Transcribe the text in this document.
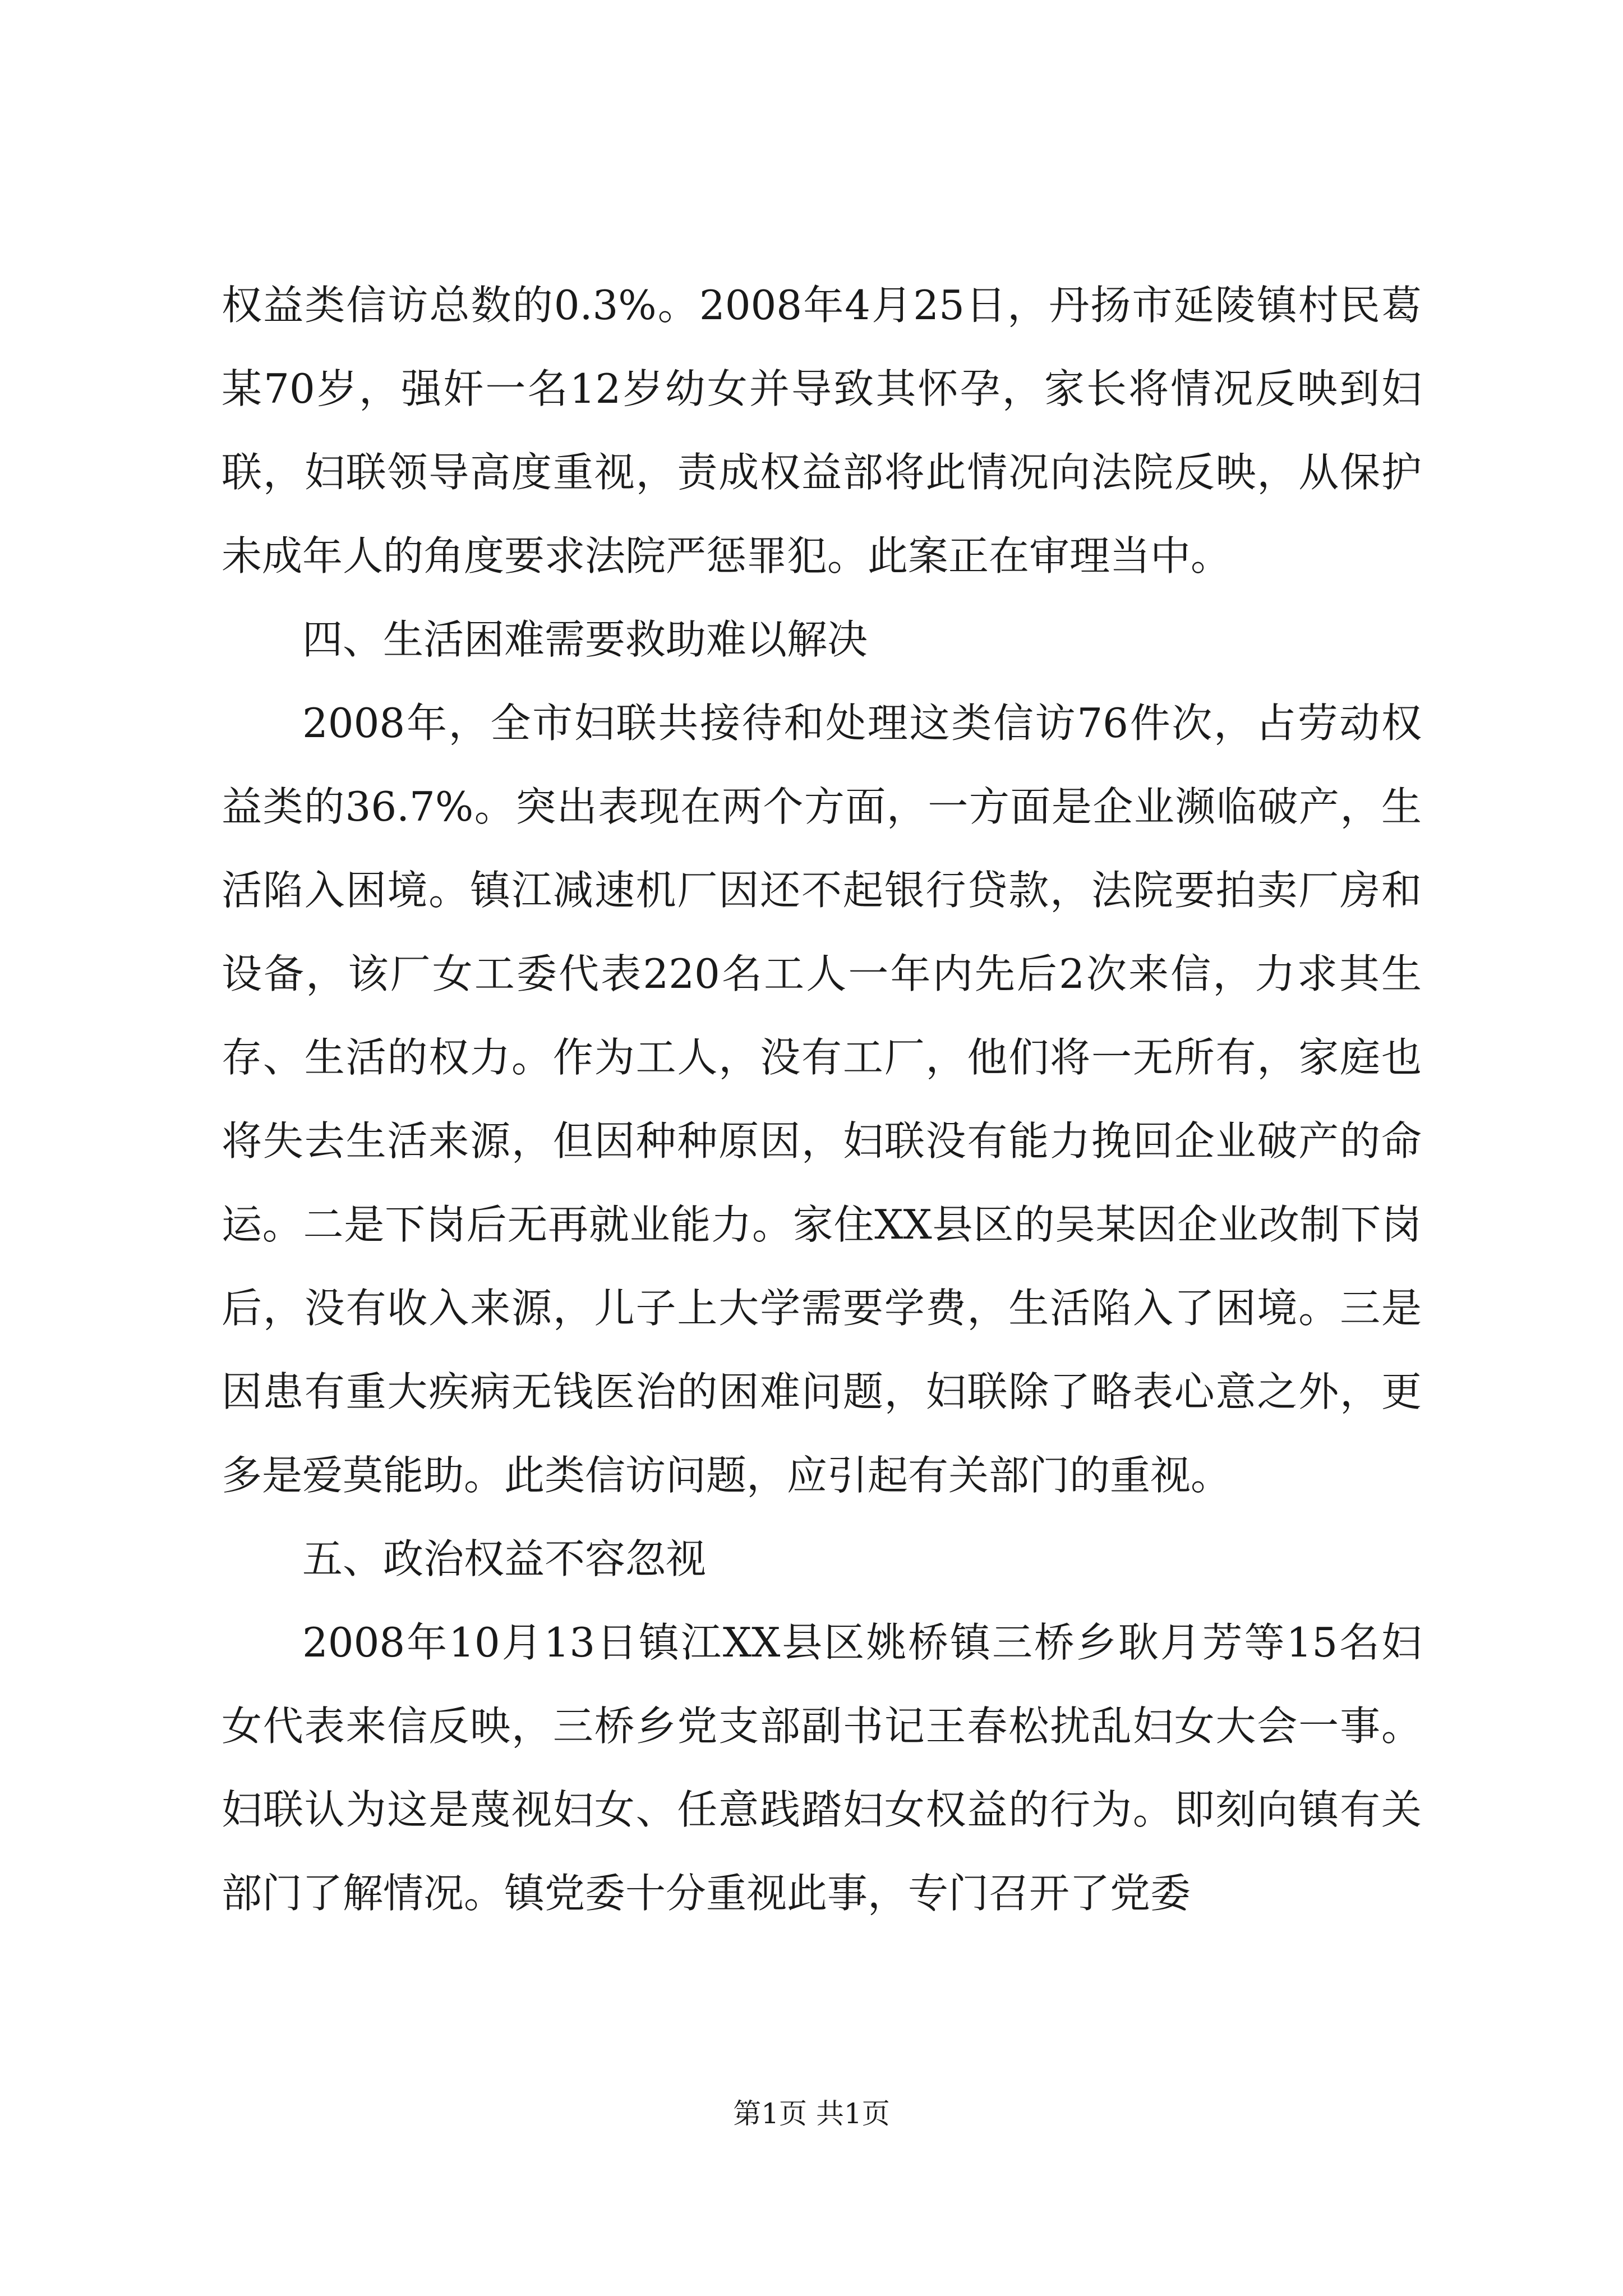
权益类信访总数的0.3%。2008年4月25日，丹扬市延陵镇村民葛某70岁，强奸一名12岁幼女并导致其怀孕，家长将情况反映到妇联，妇联领导高度重视，责成权益部将此情况向法院反映，从保护未成年人的角度要求法院严惩罪犯。此案正在审理当中。

四、生活困难需要救助难以解决

2008年，全市妇联共接待和处理这类信访76件次，占劳动权益类的36.7%。突出表现在两个方面，一方面是企业濒临破产，生活陷入困境。镇江减速机厂因还不起银行贷款，法院要拍卖厂房和设备，该厂女工委代表220名工人一年内先后2次来信，力求其生存、生活的权力。作为工人，没有工厂，他们将一无所有，家庭也将失去生活来源，但因种种原因，妇联没有能力挽回企业破产的命运。二是下岗后无再就业能力。家住XX县区的吴某因企业改制下岗后，没有收入来源，儿子上大学需要学费，生活陷入了困境。三是因患有重大疾病无钱医治的困难问题，妇联除了略表心意之外，更多是爱莫能助。此类信访问题，应引起有关部门的重视。

五、政治权益不容忽视

2008年10月13日镇江XX县区姚桥镇三桥乡耿月芳等15名妇女代表来信反映，三桥乡党支部副书记王春松扰乱妇女大会一事。妇联认为这是蔑视妇女、任意践踏妇女权益的行为。即刻向镇有关部门了解情况。镇党委十分重视此事，专门召开了党委

第1页 共1页
